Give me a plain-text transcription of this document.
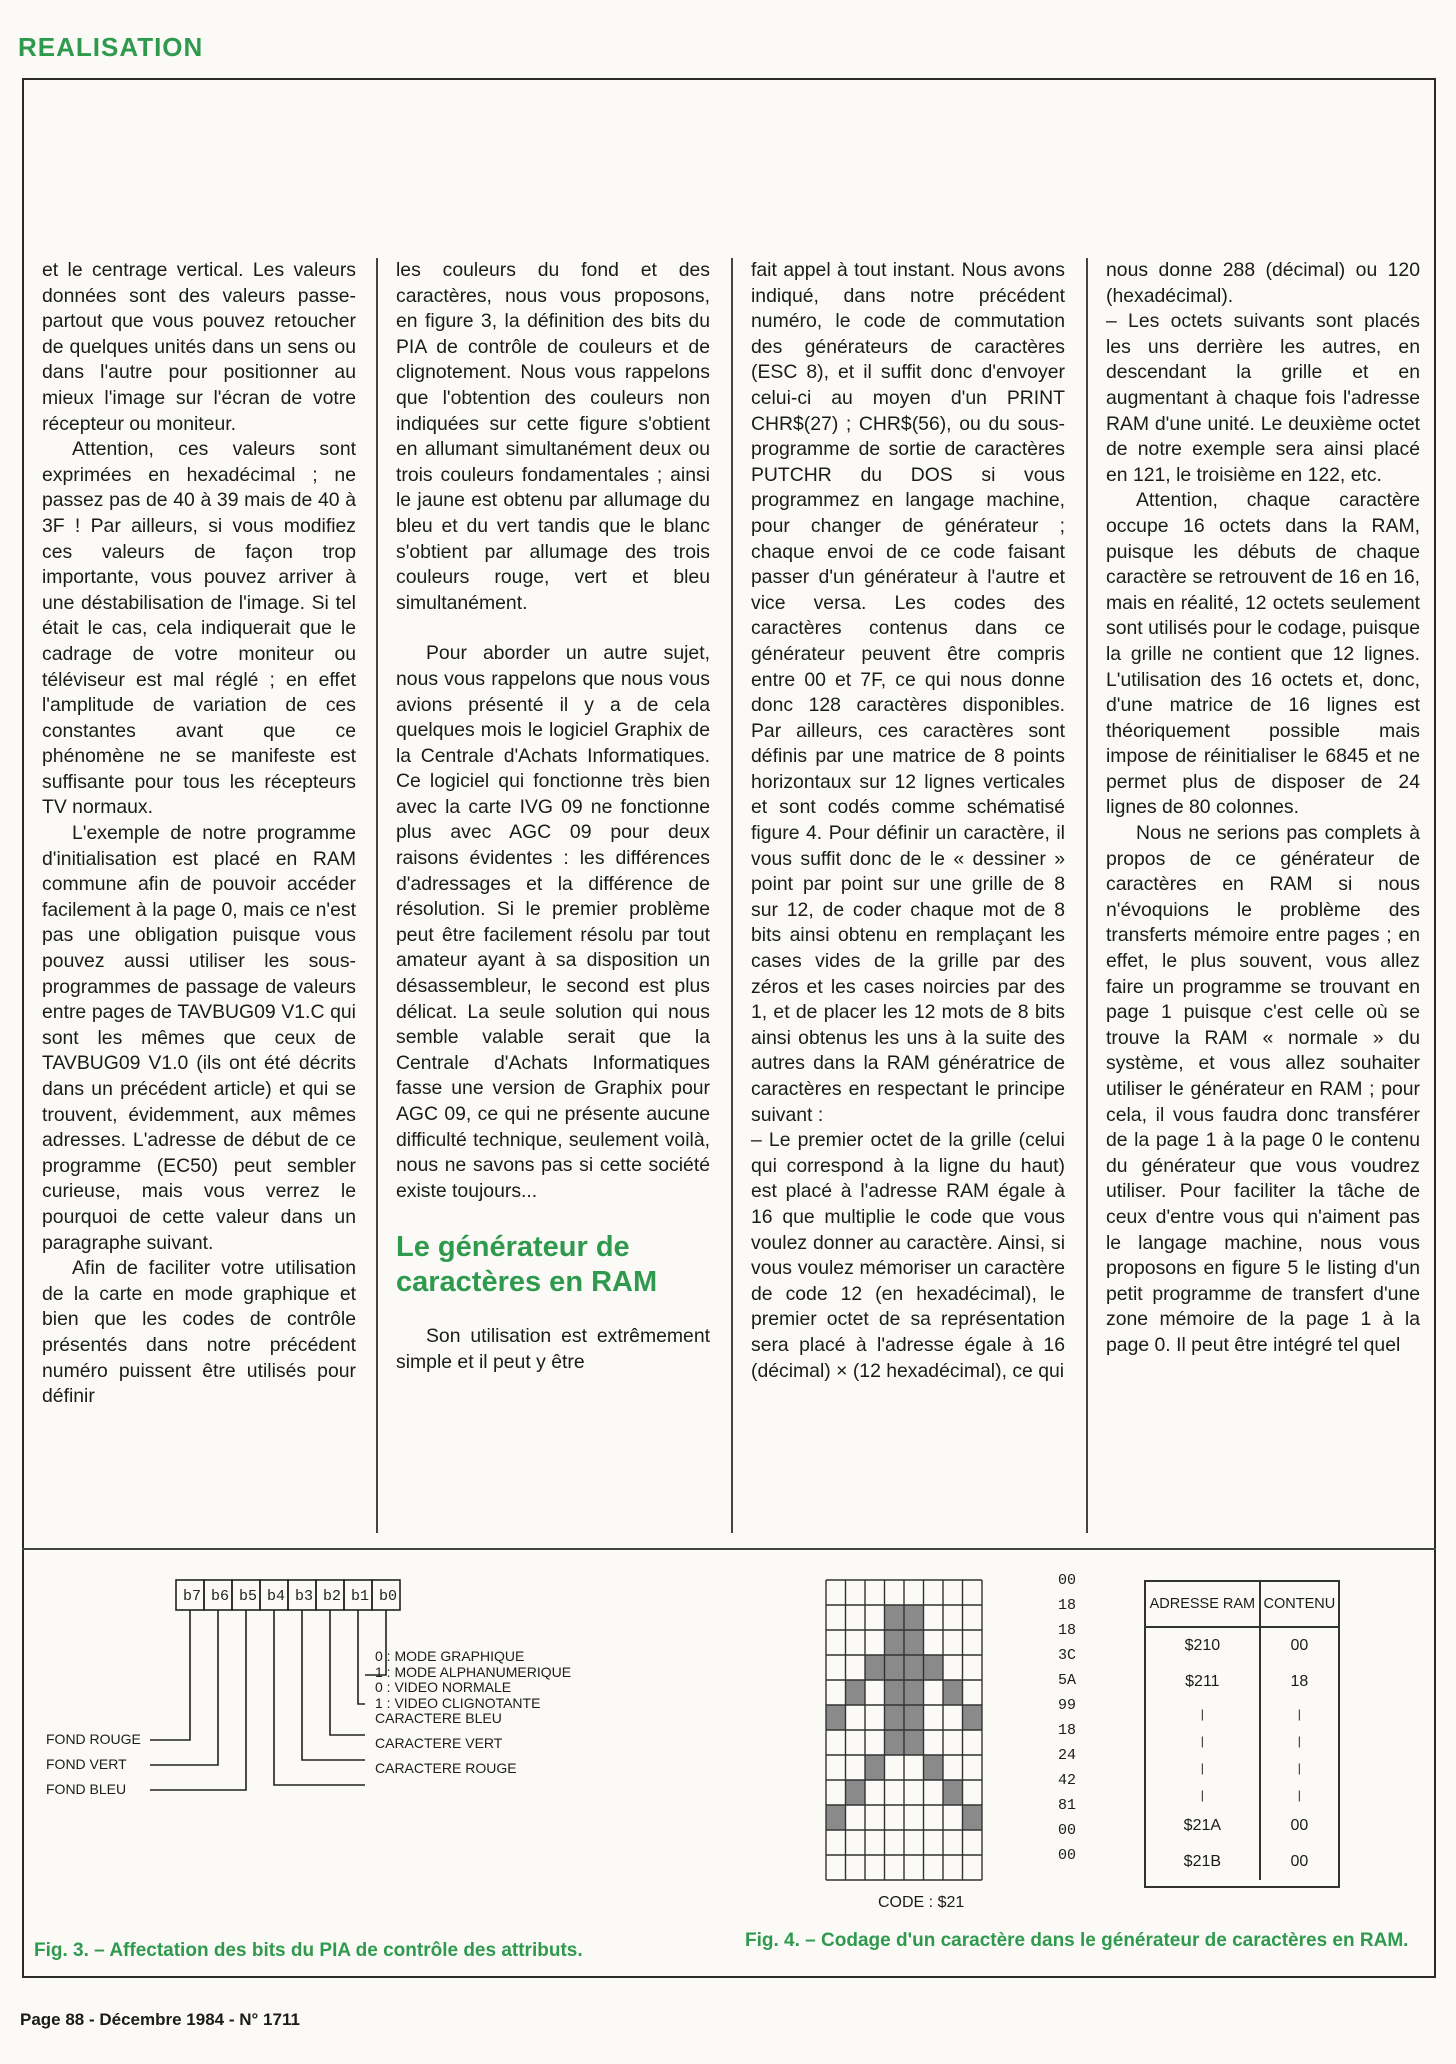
REALISATION

et le centrage vertical. Les valeurs données sont des valeurs passe-partout que vous pouvez retoucher de quelques unités dans un sens ou dans l'autre pour positionner au mieux l'image sur l'écran de votre récepteur ou moniteur.

Attention, ces valeurs sont exprimées en hexadécimal ; ne passez pas de 40 à 39 mais de 40 à 3F ! Par ailleurs, si vous modifiez ces valeurs de façon trop importante, vous pouvez arriver à une déstabilisation de l'image. Si tel était le cas, cela indiquerait que le cadrage de votre moniteur ou téléviseur est mal réglé ; en effet l'amplitude de variation de ces constantes avant que ce phénomène ne se manifeste est suffisante pour tous les récepteurs TV normaux.

L'exemple de notre programme d'initialisation est placé en RAM commune afin de pouvoir accéder facilement à la page 0, mais ce n'est pas une obligation puisque vous pouvez aussi utiliser les sous-programmes de passage de valeurs entre pages de TAVBUG09 V1.C qui sont les mêmes que ceux de TAVBUG09 V1.0 (ils ont été décrits dans un précédent article) et qui se trouvent, évidemment, aux mêmes adresses. L'adresse de début de ce programme (EC50) peut sembler curieuse, mais vous verrez le pourquoi de cette valeur dans un paragraphe suivant.

Afin de faciliter votre utilisation de la carte en mode graphique et bien que les codes de contrôle présentés dans notre précédent numéro puissent être utilisés pour définir

les couleurs du fond et des caractères, nous vous proposons, en figure 3, la définition des bits du PIA de contrôle de couleurs et de clignotement. Nous vous rappelons que l'obtention des couleurs non indiquées sur cette figure s'obtient en allumant simultanément deux ou trois couleurs fondamentales ; ainsi le jaune est obtenu par allumage du bleu et du vert tandis que le blanc s'obtient par allumage des trois couleurs rouge, vert et bleu simultanément.

Pour aborder un autre sujet, nous vous rappelons que nous vous avions présenté il y a de cela quelques mois le logiciel Graphix de la Centrale d'Achats Informatiques. Ce logiciel qui fonctionne très bien avec la carte IVG 09 ne fonctionne plus avec AGC 09 pour deux raisons évidentes : les différences d'adressages et la différence de résolution. Si le premier problème peut être facilement résolu par tout amateur ayant à sa disposition un désassembleur, le second est plus délicat. La seule solution qui nous semble valable serait que la Centrale d'Achats Informatiques fasse une version de Graphix pour AGC 09, ce qui ne présente aucune difficulté technique, seulement voilà, nous ne savons pas si cette société existe toujours...

Le générateur de caractères en RAM

Son utilisation est extrêmement simple et il peut y être

fait appel à tout instant. Nous avons indiqué, dans notre précédent numéro, le code de commutation des générateurs de caractères (ESC 8), et il suffit donc d'envoyer celui-ci au moyen d'un PRINT CHR$(27) ; CHR$(56), ou du sous-programme de sortie de caractères PUTCHR du DOS si vous programmez en langage machine, pour changer de générateur ; chaque envoi de ce code faisant passer d'un générateur à l'autre et vice versa. Les codes des caractères contenus dans ce générateur peuvent être compris entre 00 et 7F, ce qui nous donne donc 128 caractères disponibles. Par ailleurs, ces caractères sont définis par une matrice de 8 points horizontaux sur 12 lignes verticales et sont codés comme schématisé figure 4. Pour définir un caractère, il vous suffit donc de le « dessiner » point par point sur une grille de 8 sur 12, de coder chaque mot de 8 bits ainsi obtenu en remplaçant les cases vides de la grille par des zéros et les cases noircies par des 1, et de placer les 12 mots de 8 bits ainsi obtenus les uns à la suite des autres dans la RAM génératrice de caractères en respectant le principe suivant :

– Le premier octet de la grille (celui qui correspond à la ligne du haut) est placé à l'adresse RAM égale à 16 que multiplie le code que vous voulez donner au caractère. Ainsi, si vous voulez mémoriser un caractère de code 12 (en hexadécimal), le premier octet de sa représentation sera placé à l'adresse égale à 16 (décimal) × (12 hexadécimal), ce qui

nous donne 288 (décimal) ou 120 (hexadécimal).

– Les octets suivants sont placés les uns derrière les autres, en descendant la grille et en augmentant à chaque fois l'adresse RAM d'une unité. Le deuxième octet de notre exemple sera ainsi placé en 121, le troisième en 122, etc.

Attention, chaque caractère occupe 16 octets dans la RAM, puisque les débuts de chaque caractère se retrouvent de 16 en 16, mais en réalité, 12 octets seulement sont utilisés pour le codage, puisque la grille ne contient que 12 lignes. L'utilisation des 16 octets et, donc, d'une matrice de 16 lignes est théoriquement possible mais impose de réinitialiser le 6845 et ne permet plus de disposer de 24 lignes de 80 colonnes.

Nous ne serions pas complets à propos de ce générateur de caractères en RAM si nous n'évoquions le problème des transferts mémoire entre pages ; en effet, le plus souvent, vous allez faire un programme se trouvant en page 1 puisque c'est celle où se trouve la RAM « normale » du système, et vous allez souhaiter utiliser le générateur en RAM ; pour cela, il vous faudra donc transférer de la page 1 à la page 0 le contenu du générateur que vous voudrez utiliser. Pour faciliter la tâche de ceux d'entre vous qui n'aiment pas le langage machine, nous vous proposons en figure 5 le listing d'un petit programme de transfert d'une zone mémoire de la page 1 à la page 0. Il peut être intégré tel quel

b7 b6 b5 b4 b3 b2 b1 b0
0 : MODE GRAPHIQUE
1 : MODE ALPHANUMERIQUE
0 : VIDEO NORMALE
1 : VIDEO CLIGNOTANTE
CARACTERE BLEU
CARACTERE VERT
CARACTERE ROUGE
FOND ROUGE
FOND VERT
FOND BLEU
Fig. 3. – Affectation des bits du PIA de contrôle des attributs.
00
18
18
3C
5A
99
18
24
42
81
00
00
CODE : $21
ADRESSE RAM	CONTENU
$210	00
$211	18
|	|
|	|
|	|
|	|
$21A	00
$21B	00
Fig. 4. – Codage d'un caractère dans le générateur de caractères en RAM.
Page 88 - Décembre 1984 - N° 1711
